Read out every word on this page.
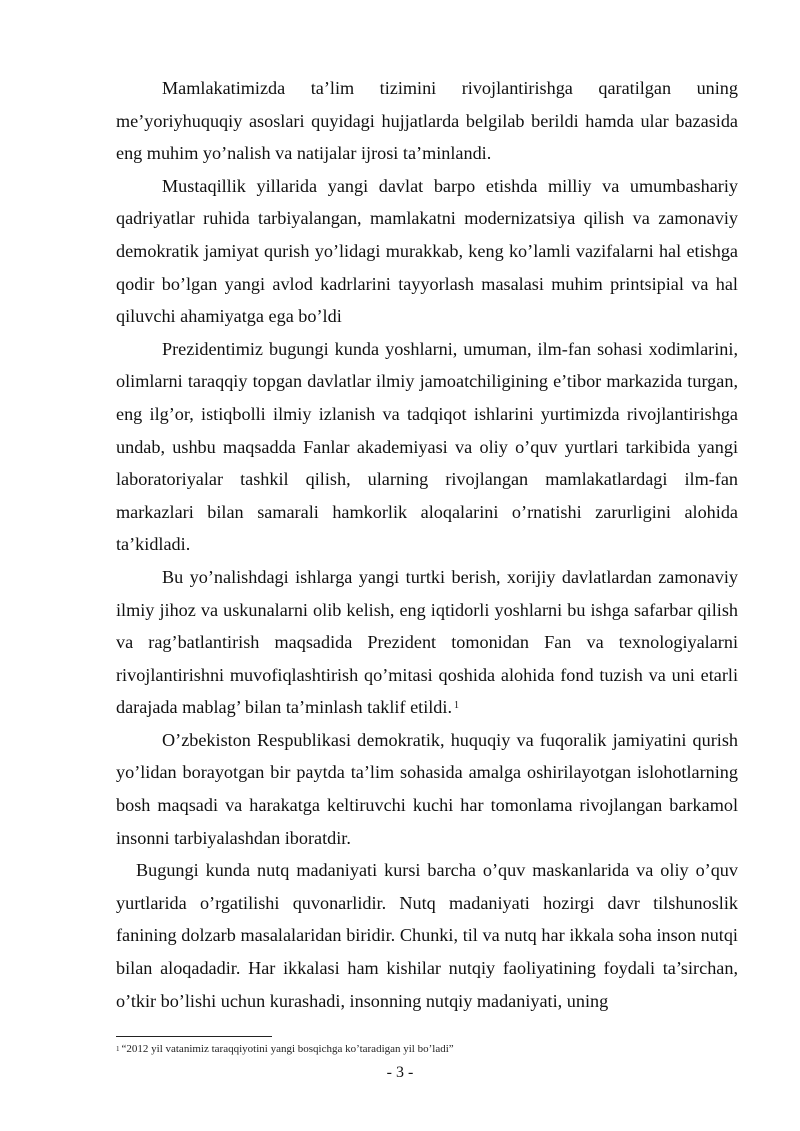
Mamlakatimizda ta’lim tizimini rivojlantirishga qaratilgan uning me’yoriyhuquqiy asoslari quyidagi hujjatlarda belgilab berildi hamda ular bazasida eng muhim yo’nalish va natijalar ijrosi ta’minlandi.

Mustaqillik yillarida yangi davlat barpo etishda milliy va umumbashariy qadriyatlar ruhida tarbiyalangan, mamlakatni modernizatsiya qilish va zamonaviy demokratik jamiyat qurish yo’lidagi murakkab, keng ko’lamli vazifalarni hal etishga qodir bo’lgan yangi avlod kadrlarini tayyorlash masalasi muhim printsipial va hal qiluvchi ahamiyatga ega bo’ldi

Prezidentimiz bugungi kunda yoshlarni, umuman, ilm-fan sohasi xodimlarini, olimlarni taraqqiy topgan davlatlar ilmiy jamoatchiligining e’tibor markazida turgan, eng ilg’or, istiqbolli ilmiy izlanish va tadqiqot ishlarini yurtimizda rivojlantirishga undab, ushbu maqsadda Fanlar akademiyasi va oliy o’quv yurtlari tarkibida yangi laboratoriyalar tashkil qilish, ularning rivojlangan mamlakatlardagi ilm-fan markazlari bilan samarali hamkorlik aloqalarini o’rnatishi zarurligini alohida ta’kidladi.

Bu yo’nalishdagi ishlarga yangi turtki berish, xorijiy davlatlardan zamonaviy ilmiy jihoz va uskunalarni olib kelish, eng iqtidorli yoshlarni bu ishga safarbar qilish va rag’batlantirish maqsadida Prezident tomonidan Fan va texnologiyalarni rivojlantirishni muvofiqlashtirish qo’mitasi qoshida alohida fond tuzish va uni etarli darajada mablag’ bilan ta’minlash taklif etildi. $^1$

O’zbekiston Respublikasi demokratik, huquqiy va fuqoralik jamiyatini qurish yo’lidan borayotgan bir paytda ta’lim sohasida amalga oshirilayotgan islohotlarning bosh maqsadi va harakatga keltiruvchi kuchi har tomonlama rivojlangan barkamol insonni tarbiyalashdan iboratdir.

Bugungi kunda nutq madaniyati kursi barcha o’quv maskanlarida va oliy o’quv yurtlarida o’rgatilishi quvonarlidir. Nutq madaniyati hozirgi davr tilshunoslik fanining dolzarb masalalaridan biridir. Chunki, til va nutq har ikkala soha inson nutqi bilan aloqadadir. Har ikkalasi ham kishilar nutqiy faoliyatining foydali ta’sirchan, o’tkir bo’lishi uchun kurashadi, insonning nutqiy madaniyati, uning

$^1$ “2012 yil vatanimiz taraqqiyotini yangi bosqichga ko’taradigan yil bo’ladi”
- 3 -
